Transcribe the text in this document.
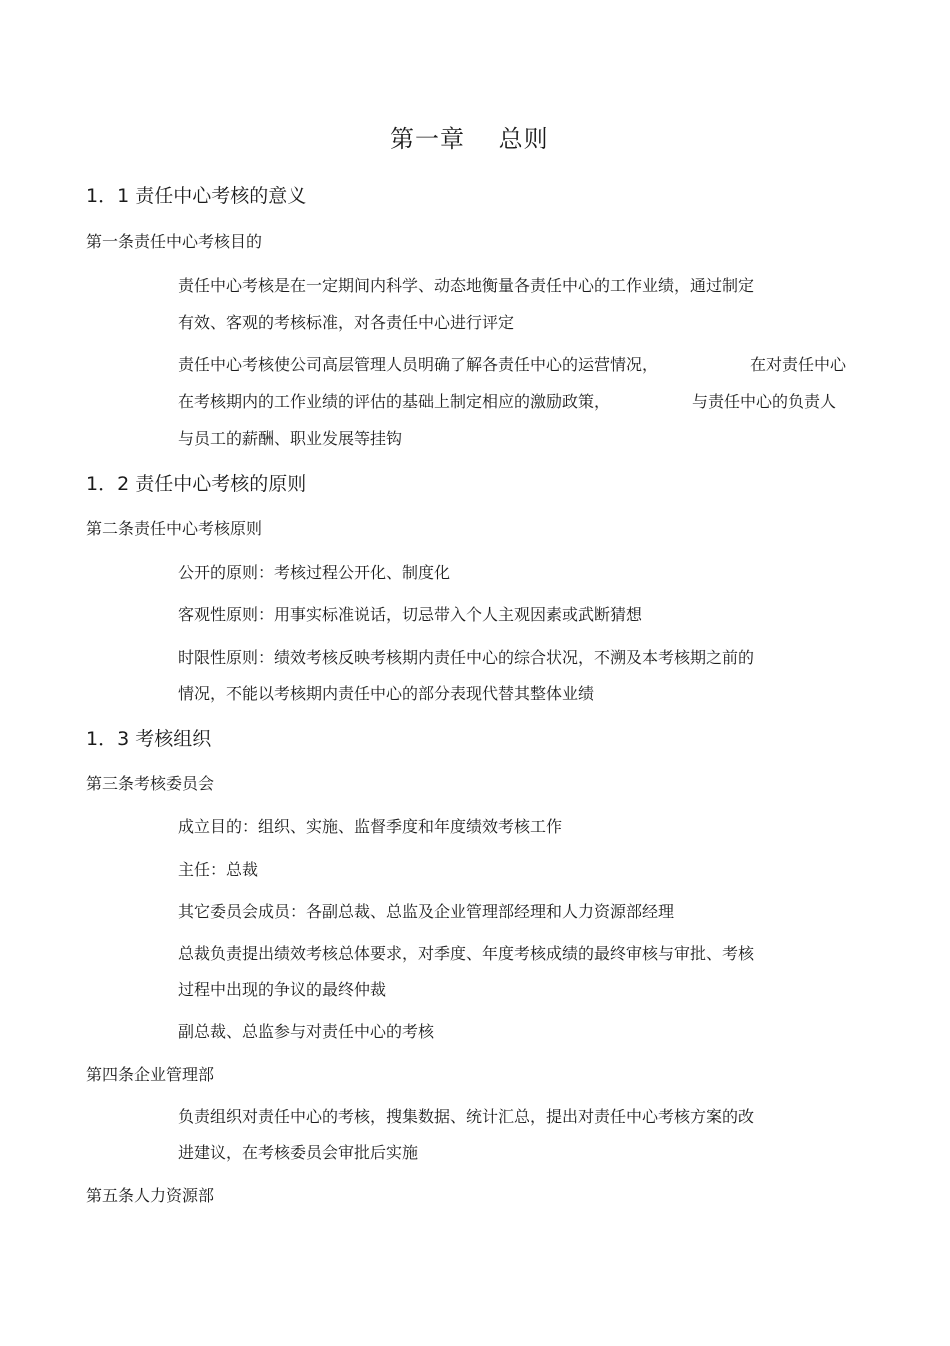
第一章　 总则
1．1 责任中心考核的意义
第一条责任中心考核目的
责任中心考核是在一定期间内科学、动态地衡量各责任中心的工作业绩，通过制定
有效、客观的考核标准，对各责任中心进行评定
责任中心考核使公司高层管理人员明确了解各责任中心的运营情况，	在对责任中心
在考核期内的工作业绩的评估的基础上制定相应的激励政策，	与责任中心的负责人
与员工的薪酬、职业发展等挂钩
1．2 责任中心考核的原则
第二条责任中心考核原则
公开的原则：考核过程公开化、制度化
客观性原则：用事实标准说话，切忌带入个人主观因素或武断猜想
时限性原则：绩效考核反映考核期内责任中心的综合状况，不溯及本考核期之前的
情况，不能以考核期内责任中心的部分表现代替其整体业绩
1．3 考核组织
第三条考核委员会
成立目的：组织、实施、监督季度和年度绩效考核工作
主任：总裁
其它委员会成员：各副总裁、总监及企业管理部经理和人力资源部经理
总裁负责提出绩效考核总体要求，对季度、年度考核成绩的最终审核与审批、考核
过程中出现的争议的最终仲裁
副总裁、总监参与对责任中心的考核
第四条企业管理部
负责组织对责任中心的考核，搜集数据、统计汇总，提出对责任中心考核方案的改
进建议，在考核委员会审批后实施
第五条人力资源部
